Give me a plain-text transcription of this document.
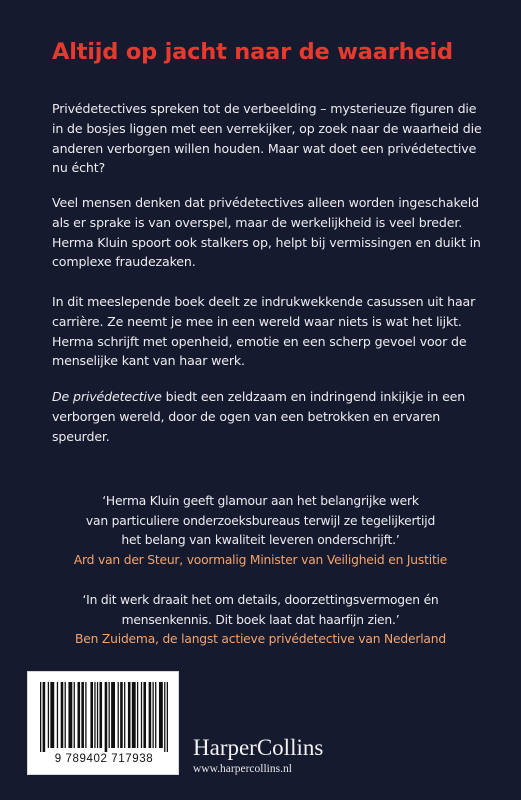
Altijd op jacht naar de waarheid

Privédetectives spreken tot de verbeelding – mysterieuze figuren die in de bosjes liggen met een verrekijker, op zoek naar de waarheid die anderen verborgen willen houden. Maar wat doet een privédetective nu écht?

Veel mensen denken dat privédetectives alleen worden ingeschakeld als er sprake is van overspel, maar de werkelijkheid is veel breder. Herma Kluin spoort ook stalkers op, helpt bij vermissingen en duikt in complexe fraudezaken.

In dit meeslepende boek deelt ze indrukwekkende casussen uit haar carrière. Ze neemt je mee in een wereld waar niets is wat het lijkt. Herma schrijft met openheid, emotie en een scherp gevoel voor de menselijke kant van haar werk.

De privédetective biedt een zeldzaam en indringend inkijkje in een verborgen wereld, door de ogen van een betrokken en ervaren speurder.

‘Herma Kluin geeft glamour aan het belangrijke werk
van particuliere onderzoeksbureaus terwijl ze tegelijkertijd
het belang van kwaliteit leveren onderschrijft.’
Ard van der Steur, voormalig Minister van Veiligheid en Justitie
‘In dit werk draait het om details, doorzettingsvermogen én
mensenkennis. Dit boek laat dat haarfijn zien.’
Ben Zuidema, de langst actieve privédetective van Nederland
9 789402 717938	HarperCollins
www.harpercollins.nl
